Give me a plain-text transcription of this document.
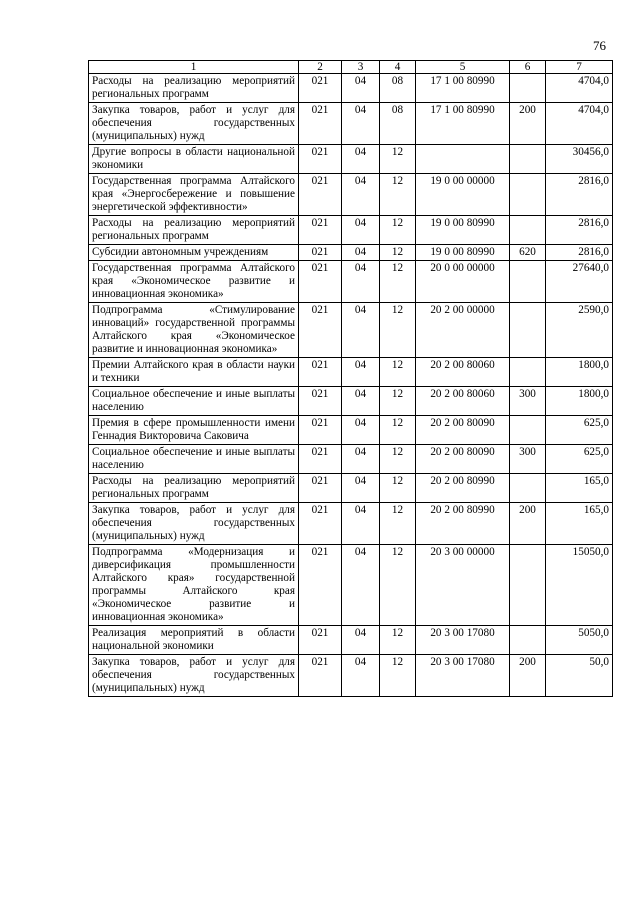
76
1	2	3	4	5	6	7
Расходы на реализацию мероприятий региональных программ	021	04	08	17 1 00 80990		4704,0
Закупка товаров, работ и услуг для обеспечения государственных (муниципальных) нужд	021	04	08	17 1 00 80990	200	4704,0
Другие вопросы в области национальной экономики	021	04	12			30456,0
Государственная программа Алтайского края «Энергосбережение и повышение энергетической эффективности»	021	04	12	19 0 00 00000		2816,0
Расходы на реализацию мероприятий региональных программ	021	04	12	19 0 00 80990		2816,0
Субсидии автономным учреждениям	021	04	12	19 0 00 80990	620	2816,0
Государственная программа Алтайского края «Экономическое развитие и инновационная экономика»	021	04	12	20 0 00 00000		27640,0
Подпрограмма «Стимулирование инноваций» государственной программы Алтайского края «Экономическое развитие и инновационная экономика»	021	04	12	20 2 00 00000		2590,0
Премии Алтайского края в области науки и техники	021	04	12	20 2 00 80060		1800,0
Социальное обеспечение и иные выплаты населению	021	04	12	20 2 00 80060	300	1800,0
Премия в сфере промышленности имени Геннадия Викторовича Саковича	021	04	12	20 2 00 80090		625,0
Социальное обеспечение и иные выплаты населению	021	04	12	20 2 00 80090	300	625,0
Расходы на реализацию мероприятий региональных программ	021	04	12	20 2 00 80990		165,0
Закупка товаров, работ и услуг для обеспечения государственных (муниципальных) нужд	021	04	12	20 2 00 80990	200	165,0
Подпрограмма «Модернизация и диверсификация промышленности Алтайского края» государственной программы Алтайского края «Экономическое развитие и инновационная экономика»	021	04	12	20 3 00 00000		15050,0
Реализация мероприятий в области национальной экономики	021	04	12	20 3 00 17080		5050,0
Закупка товаров, работ и услуг для обеспечения государственных (муниципальных) нужд	021	04	12	20 3 00 17080	200	50,0
